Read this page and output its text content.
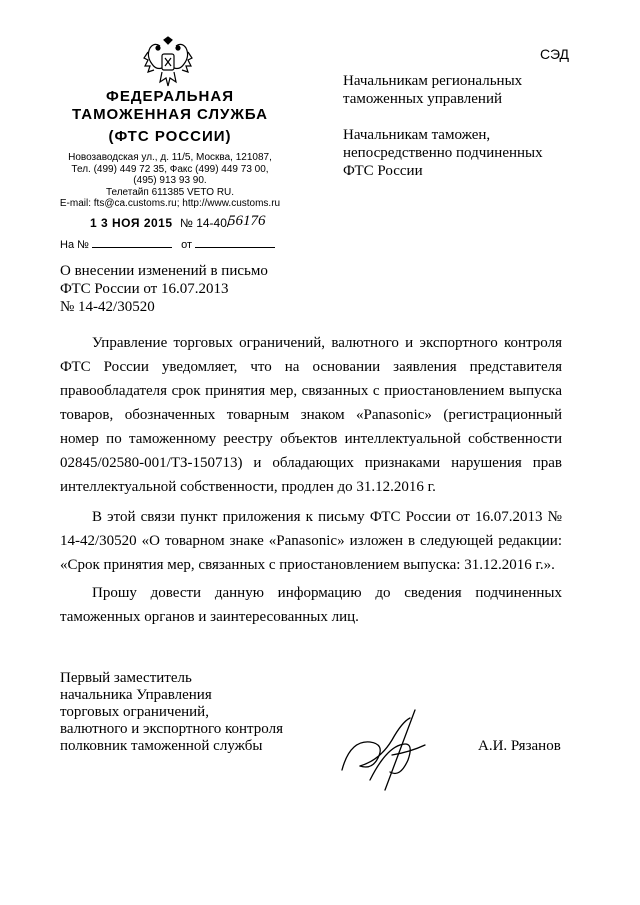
ФЕДЕРАЛЬНАЯ
ТАМОЖЕННАЯ СЛУЖБА
(ФТС РОССИИ)
Новозаводская ул., д. 11/5, Москва, 121087,
Тел. (499) 449 72 35, Факс (499) 449 73 00,
(495) 913 93 90.
Телетайп 611385 VETO RU.
E-mail: fts@ca.customs.ru; http://www.customs.ru
1 3 НОЯ 2015 № 14-40/
56176
На №	от
СЭД
Начальникам региональных
таможенных управлений
Начальникам таможен,
непосредственно подчиненных
ФТС России
О внесении изменений в письмо
ФТС России от 16.07.2013
№ 14-42/30520
Управление торговых ограничений, валютного и экспортного контроля ФТС России уведомляет, что на основании заявления представителя правообладателя срок принятия мер, связанных с приостановлением выпуска товаров, обозначенных товарным знаком «Panasonic» (регистрационный номер по таможенному реестру объектов интеллектуальной собственности 02845/02580-001/ТЗ-150713) и обладающих признаками нарушения прав интеллектуальной собственности, продлен до 31.12.2016 г.
В этой связи пункт приложения к письму ФТС России от 16.07.2013 № 14-42/30520 «О товарном знаке «Panasonic» изложен в следующей редакции: «Срок принятия мер, связанных с приостановлением выпуска: 31.12.2016 г.».
Прошу довести данную информацию до сведения подчиненных таможенных органов и заинтересованных лиц.
Первый заместитель
начальника Управления
торговых ограничений,
валютного и экспортного контроля
полковник таможенной службы	А.И. Рязанов
